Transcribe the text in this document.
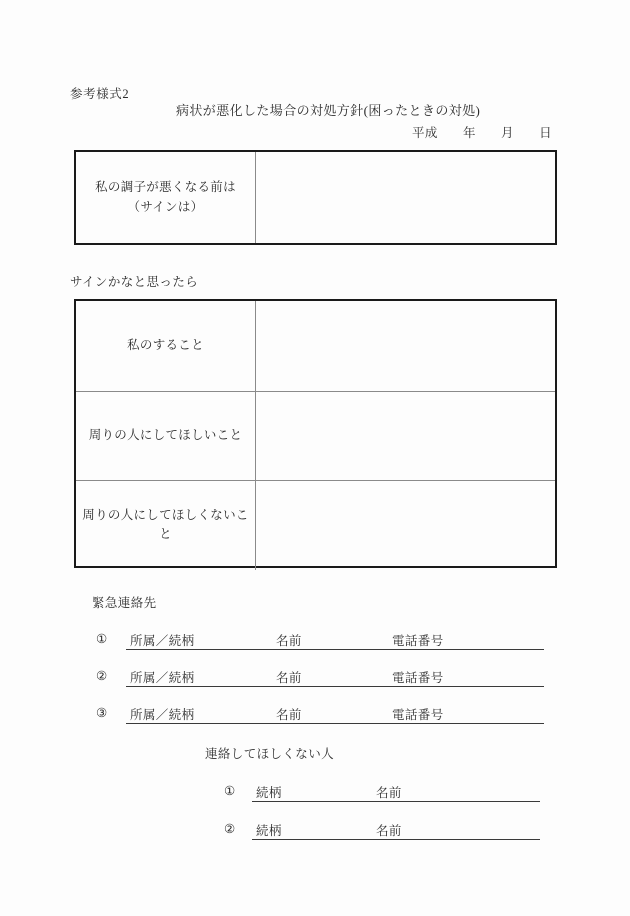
参考様式2
病状が悪化した場合の対処方針(困ったときの対処)
平成 年 月 日
私の調子が悪くなる前は
（サインは）
サインかなと思ったら
私のすること
周りの人にしてほしいこと
周りの人にしてほしくないこと
緊急連絡先
① 所属／続柄	名前	電話番号
② 所属／続柄	名前	電話番号
③ 所属／続柄	名前	電話番号
連絡してほしくない人
① 続柄	名前
② 続柄	名前
